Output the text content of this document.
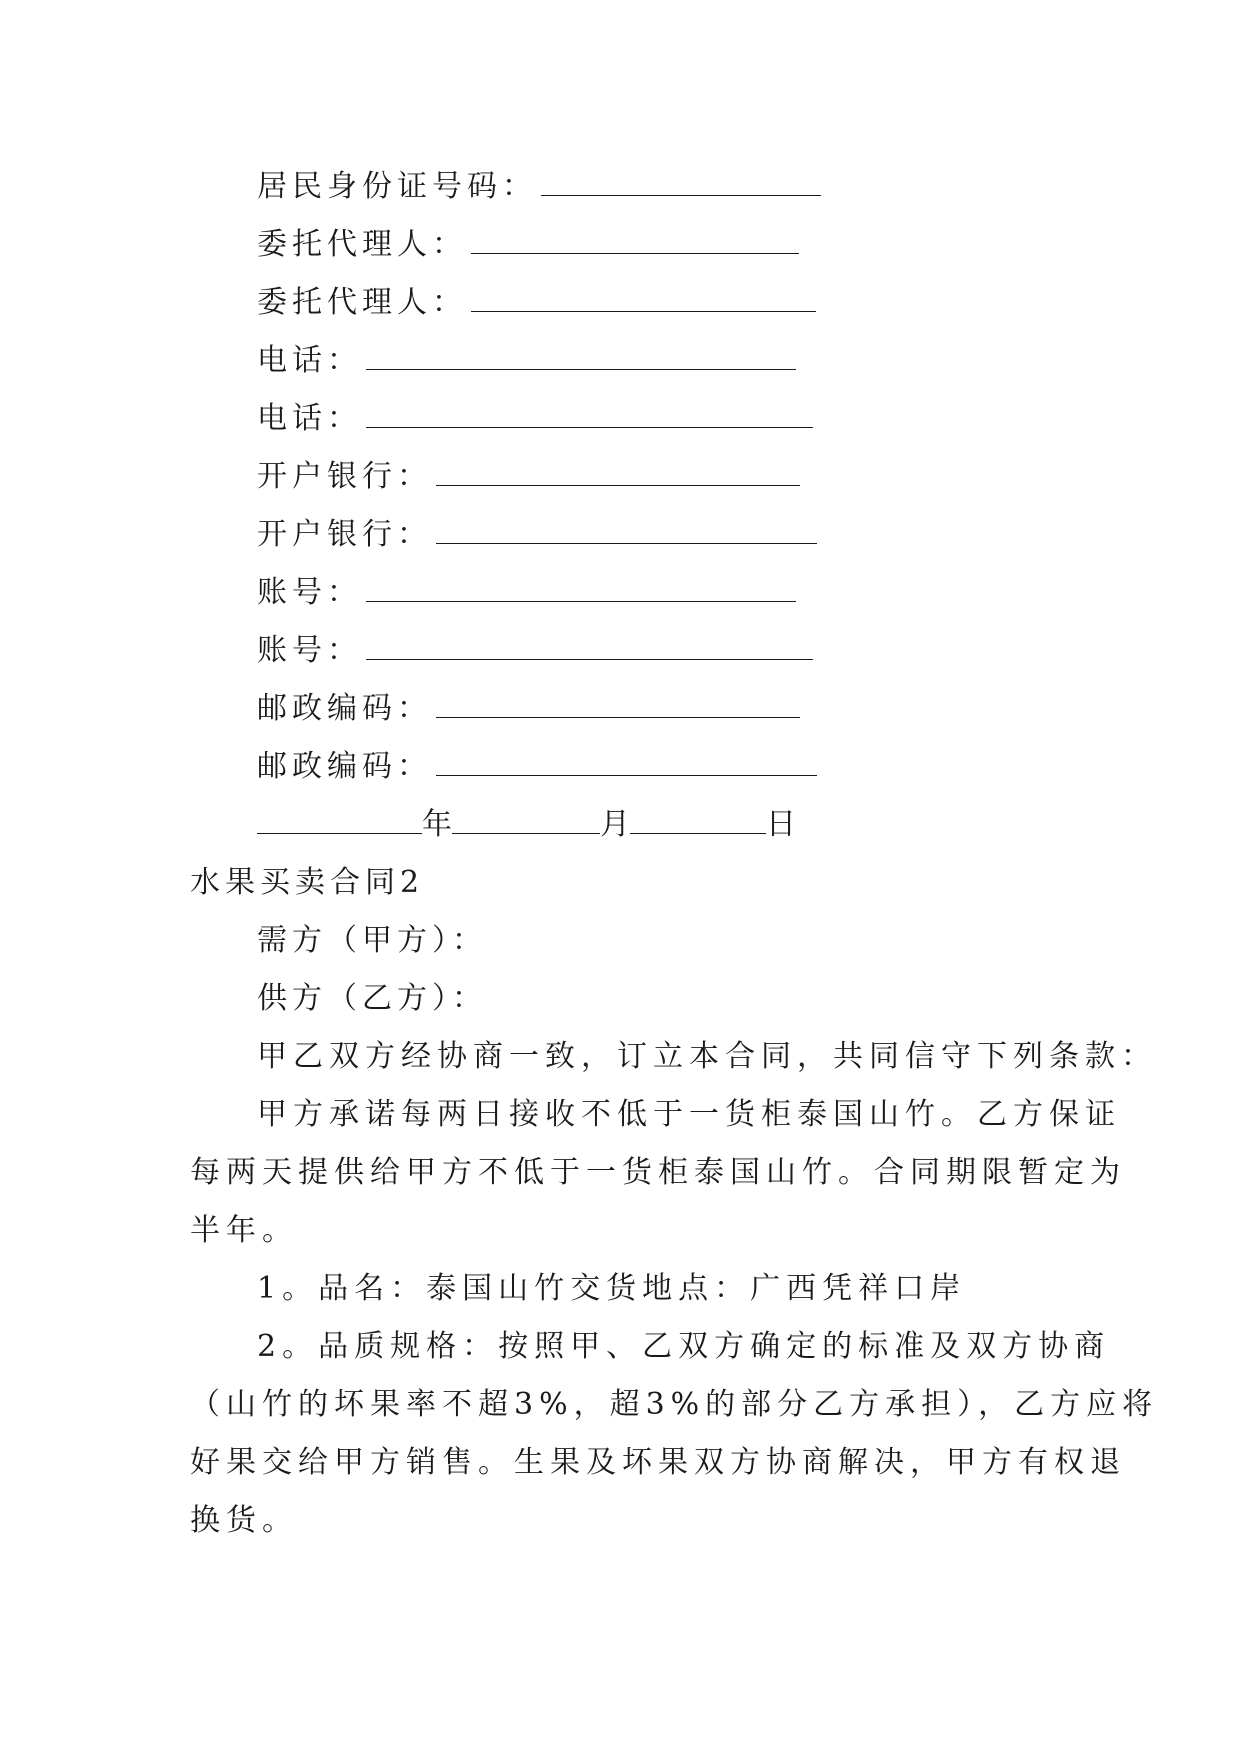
居民身份证号码：
委托代理人：
委托代理人：
电话：
电话：
开户银行：
开户银行：
账号：
账号：
邮政编码：
邮政编码：
年	月	日
水果买卖合同2
需方（甲方）：
供方（乙方）：
甲乙双方经协商一致，订立本合同，共同信守下列条款：
甲方承诺每两日接收不低于一货柜泰国山竹。乙方保证
每两天提供给甲方不低于一货柜泰国山竹。合同期限暂定为
半年。
1。品名：泰国山竹交货地点：广西凭祥口岸
2。品质规格：按照甲、乙双方确定的标准及双方协商
（山竹的坏果率不超3%，超3%的部分乙方承担），乙方应将
好果交给甲方销售。生果及坏果双方协商解决，甲方有权退
换货。
